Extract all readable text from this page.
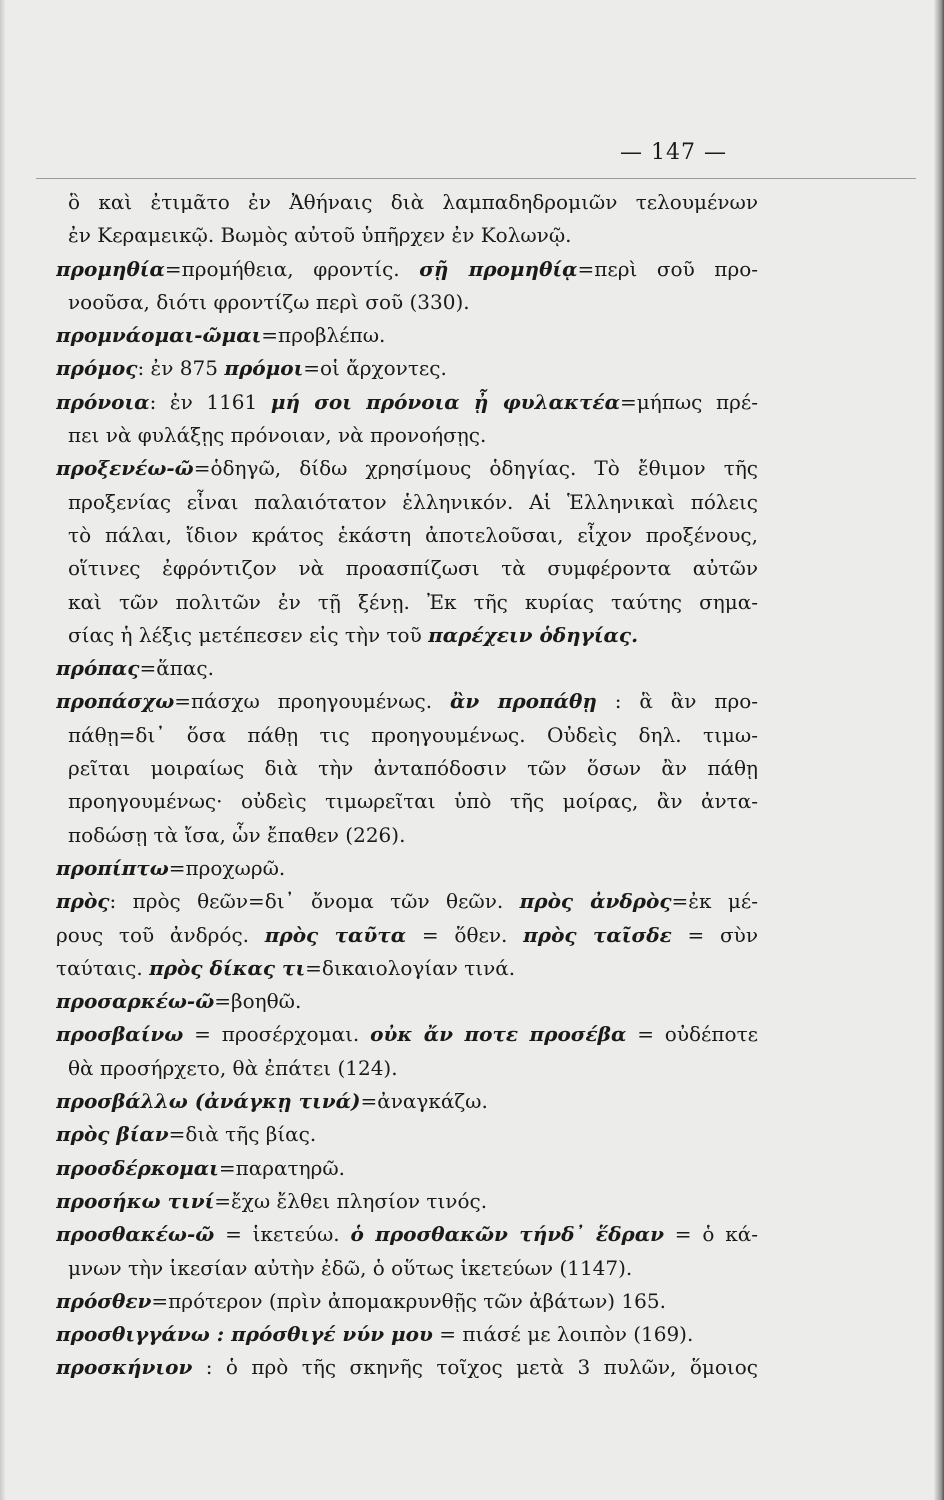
— 147 —
ὃ καὶ ἐτιμᾶτο ἐν Ἀθήναις διὰ λαμπαδηδρομιῶν τελουμένων
ἐν Κεραμεικῷ. Βωμὸς αὐτοῦ ὑπῆρχεν ἐν Κολωνῷ.
προμηθία=προμήθεια, φροντίς. σῇ προμηθίᾳ=περὶ σοῦ προ-
νοοῦσα, διότι φροντίζω περὶ σοῦ (330).
προμνάομαι-ῶμαι=προβλέπω.
πρόμος: ἐν 875 πρόμοι=οἱ ἄρχοντες.
πρόνοια: ἐν 1161 μή σοι πρόνοια ᾖ φυλακτέα=μήπως πρέ-
πει νὰ φυλάξῃς πρόνοιαν, νὰ προνοήσῃς.
προξενέω-ῶ=ὁδηγῶ, δίδω χρησίμους ὁδηγίας. Τὸ ἔθιμον τῆς
προξενίας εἶναι παλαιότατον ἑλληνικόν. Αἱ Ἑλληνικαὶ πόλεις
τὸ πάλαι, ἴδιον κράτος ἑκάστη ἀποτελοῦσαι, εἶχον προξένους,
οἵτινες ἐφρόντιζον νὰ προασπίζωσι τὰ συμφέροντα αὐτῶν
καὶ τῶν πολιτῶν ἐν τῇ ξένῃ. Ἐκ τῆς κυρίας ταύτης σημα-
σίας ἡ λέξις μετέπεσεν εἰς τὴν τοῦ παρέχειν ὁδηγίας.
πρόπας=ἅπας.
προπάσχω=πάσχω προηγουμένως. ἂν προπάθῃ : ἃ ἂν προ-
πάθῃ=δι᾽ ὅσα πάθῃ τις προηγουμένως. Οὐδεὶς δηλ. τιμω-
ρεῖται μοιραίως διὰ τὴν ἀνταπόδοσιν τῶν ὅσων ἂν πάθῃ
προηγουμένως· οὐδεὶς τιμωρεῖται ὑπὸ τῆς μοίρας, ἂν ἀντα-
ποδώσῃ τὰ ἴσα, ὧν ἔπαθεν (226).
προπίπτω=προχωρῶ.
πρὸς: πρὸς θεῶν=δι᾽ ὄνομα τῶν θεῶν. πρὸς ἀνδρὸς=ἐκ μέ-
ρους τοῦ ἀνδρός. πρὸς ταῦτα = ὅθεν. πρὸς ταῖσδε = σὺν
ταύταις. πρὸς δίκας τι=δικαιολογίαν τινά.
προσαρκέω-ῶ=βοηθῶ.
προσβαίνω = προσέρχομαι. οὐκ ἄν ποτε προσέβα = οὐδέποτε
θὰ προσήρχετο, θὰ ἐπάτει (124).
προσβάλλω (ἀνάγκῃ τινά)=ἀναγκάζω.
πρὸς βίαν=διὰ τῆς βίας.
προσδέρκομαι=παρατηρῶ.
προσήκω τινί=ἔχω ἔλθει πλησίον τινός.
προσθακέω-ῶ = ἱκετεύω. ὁ προσθακῶν τήνδ᾽ ἕδραν = ὁ κά-
μνων τὴν ἱκεσίαν αὐτὴν ἐδῶ, ὁ οὕτως ἱκετεύων (1147).
πρόσθεν=πρότερον (πρὶν ἀπομακρυνθῇς τῶν ἀβάτων) 165.
προσθιγγάνω : πρόσθιγέ νύν μου = πιάσέ με λοιπὸν (169).
προσκήνιον : ὁ πρὸ τῆς σκηνῆς τοῖχος μετὰ 3 πυλῶν, ὅμοιος
